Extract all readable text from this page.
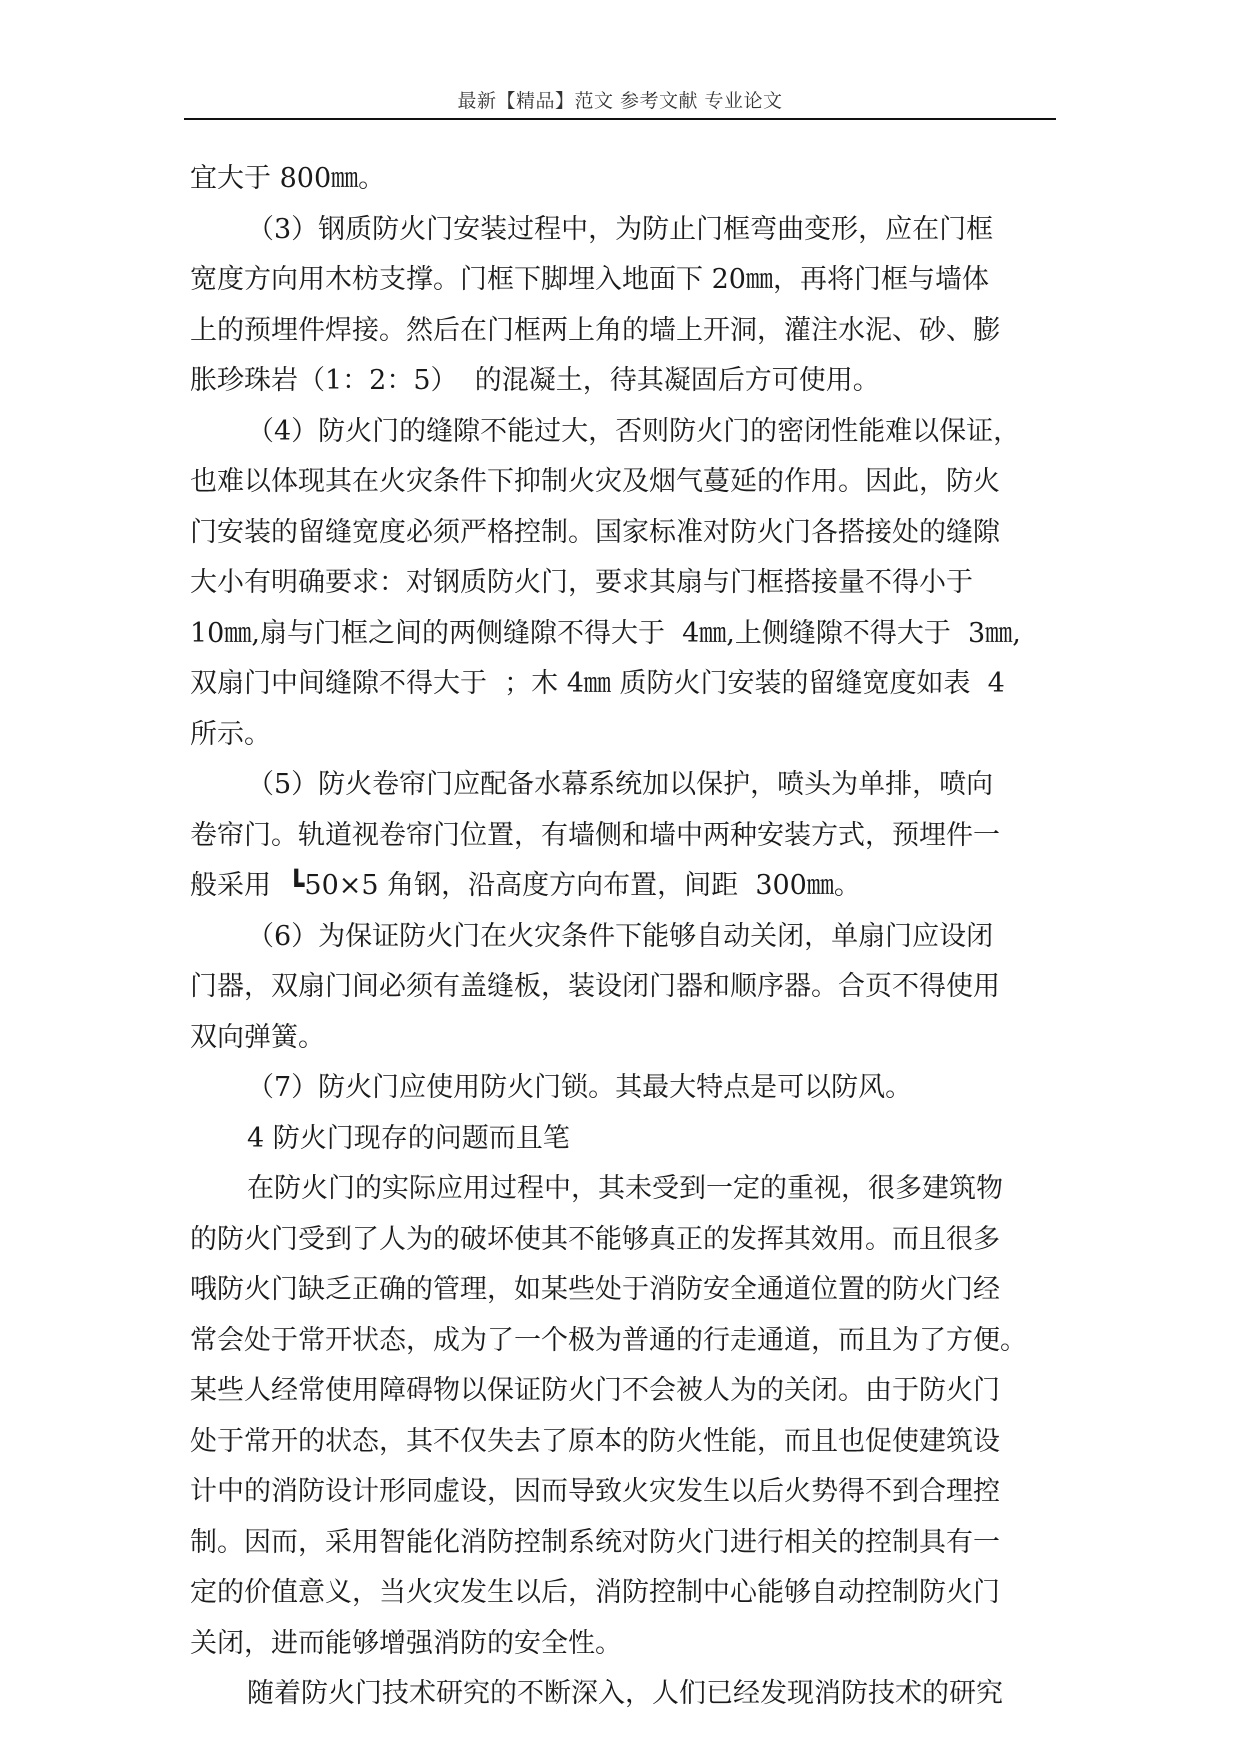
最新【精品】范文 参考文献 专业论文
宜大于 800㎜。
（3）钢质防火门安装过程中，为防止门框弯曲变形，应在门框
宽度方向用木枋支撑。门框下脚埋入地面下 20㎜，再将门框与墙体
上的预埋件焊接。然后在门框两上角的墙上开洞，灌注水泥、砂、膨
胀珍珠岩（1：2：5）  的混凝土，待其凝固后方可使用。
（4）防火门的缝隙不能过大，否则防火门的密闭性能难以保证，
也难以体现其在火灾条件下抑制火灾及烟气蔓延的作用。因此，防火
门安装的留缝宽度必须严格控制。国家标准对防火门各搭接处的缝隙
大小有明确要求：对钢质防火门，要求其扇与门框搭接量不得小于
10㎜,扇与门框之间的两侧缝隙不得大于  4㎜,上侧缝隙不得大于  3㎜,
双扇门中间缝隙不得大于  ；木 4㎜ 质防火门安装的留缝宽度如表  4
所示。
（5）防火卷帘门应配备水幕系统加以保护，喷头为单排，喷向
卷帘门。轨道视卷帘门位置，有墙侧和墙中两种安装方式，预埋件一
般采用  ┗50×5 角钢，沿高度方向布置，间距  300㎜。
（6）为保证防火门在火灾条件下能够自动关闭，单扇门应设闭
门器，双扇门间必须有盖缝板，装设闭门器和顺序器。合页不得使用
双向弹簧。
（7）防火门应使用防火门锁。其最大特点是可以防风。
4 防火门现存的问题而且笔
在防火门的实际应用过程中，其未受到一定的重视，很多建筑物
的防火门受到了人为的破坏使其不能够真正的发挥其效用。而且很多
哦防火门缺乏正确的管理，如某些处于消防安全通道位置的防火门经
常会处于常开状态，成为了一个极为普通的行走通道，而且为了方便。
某些人经常使用障碍物以保证防火门不会被人为的关闭。由于防火门
处于常开的状态，其不仅失去了原本的防火性能，而且也促使建筑设
计中的消防设计形同虚设，因而导致火灾发生以后火势得不到合理控
制。因而，采用智能化消防控制系统对防火门进行相关的控制具有一
定的价值意义，当火灾发生以后，消防控制中心能够自动控制防火门
关闭，进而能够增强消防的安全性。
随着防火门技术研究的不断深入，人们已经发现消防技术的研究
